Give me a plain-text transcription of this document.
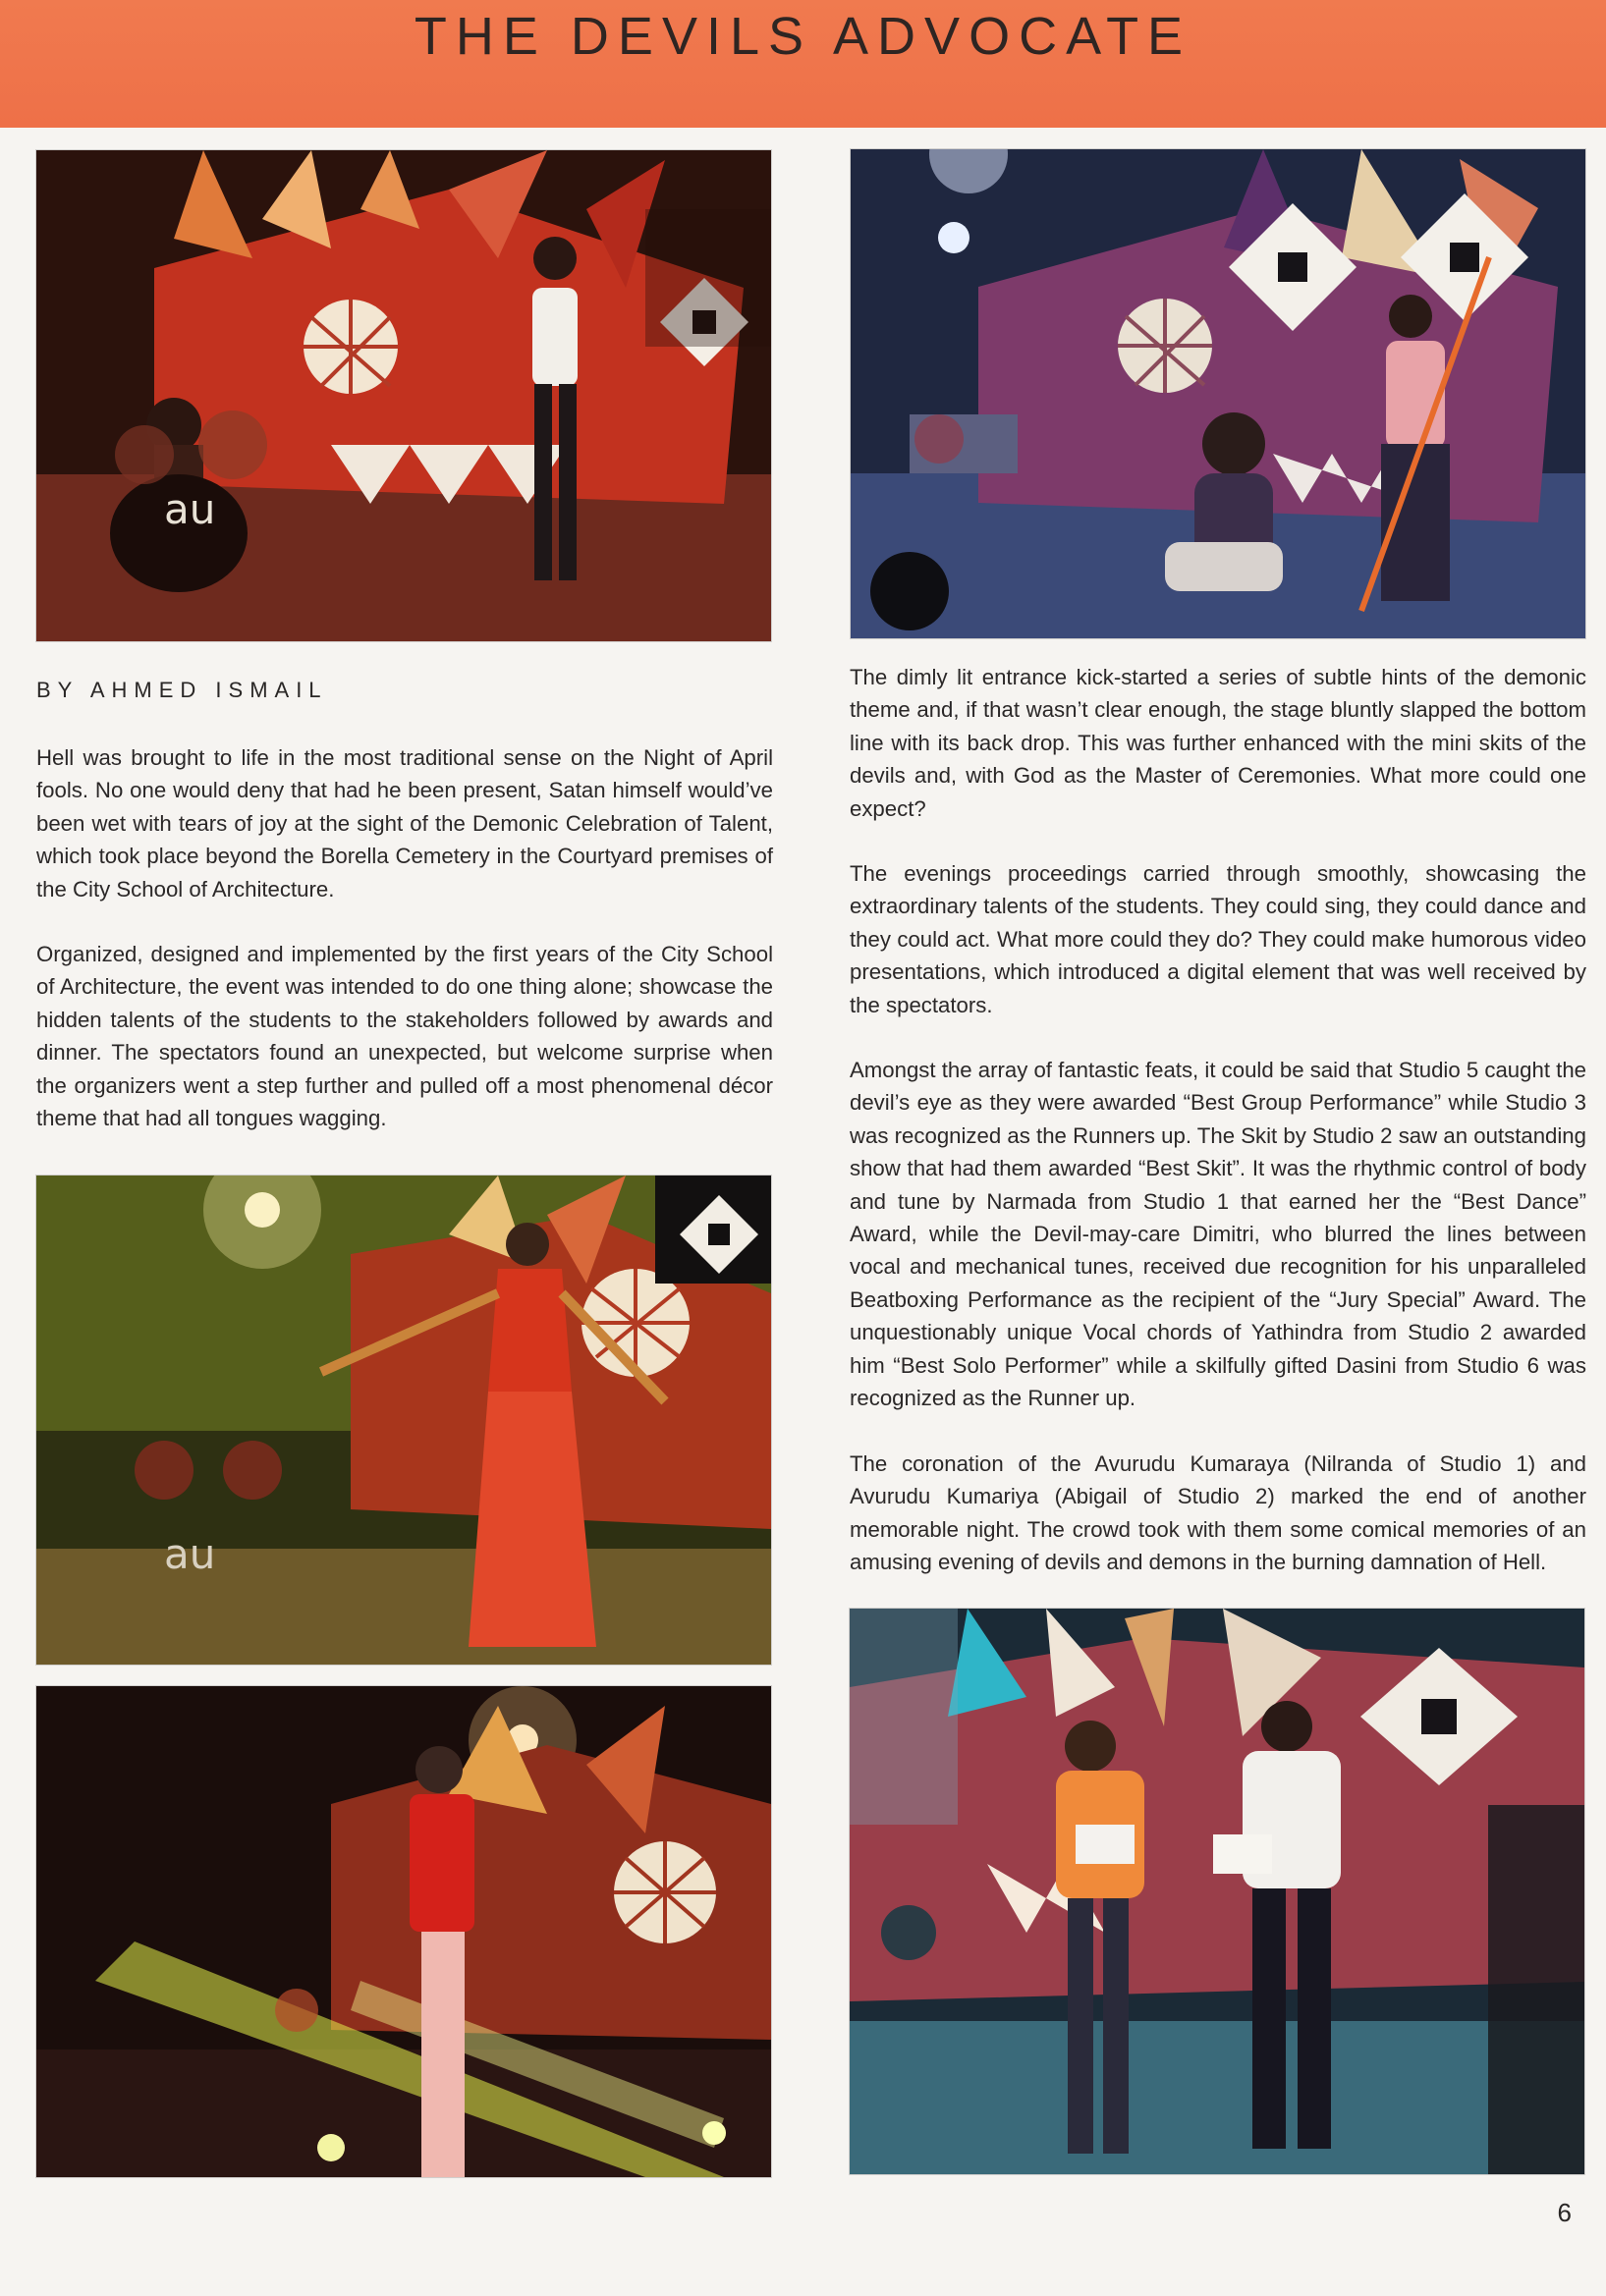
THE DEVILS ADVOCATE
au
BY AHMED ISMAIL

Hell was brought to life in the most traditional sense on the Night of April fools. No one would deny that had he been present, Satan himself would’ve been wet with tears of joy at the sight of the Demonic Celebration of Talent, which took place beyond the Borella Cemetery in the Courtyard premises of the City School of Architecture.

Organized, designed and implemented by the first years of the City School of Architecture, the event was intended to do one thing alone; showcase the hidden talents of the students to the stakeholders followed by awards and dinner. The spectators found an unexpected, but welcome surprise when the organizers went a step further and pulled off a most phenomenal décor theme that had all tongues wagging.

The dimly lit entrance kick-started a series of subtle hints of the demonic theme and, if that wasn’t clear enough, the stage bluntly slapped the bottom line with its back drop. This was further enhanced with the mini skits of the devils and, with God as the Master of Ceremonies. What more could one expect?

The evenings proceedings carried through smoothly, showcasing the extraordinary talents of the students. They could sing, they could dance and they could act. What more could they do? They could make humorous video presentations, which introduced a digital element that was well received by the spectators.

Amongst the array of fantastic feats, it could be said that Studio 5 caught the devil’s eye as they were awarded “Best Group Performance” while Studio 3 was recognized as the Runners up. The Skit by Studio 2 saw an outstanding show that had them awarded “Best Skit”. It was the rhythmic control of body and tune by Narmada from Studio 1 that earned her the “Best Dance” Award, while the Devil-may-care Dimitri, who blurred the lines between vocal and mechanical tunes, received due recognition for his unparalleled Beatboxing Performance as the recipient of the “Jury Special” Award. The unquestionably unique Vocal chords of Yathindra from Studio 2 awarded him “Best Solo Performer” while a skilfully gifted Dasini from Studio 6 was recognized as the Runner up.

The coronation of the Avurudu Kumaraya (Nilranda of Studio 1) and Avurudu Kumariya (Abigail of Studio 2) marked the end of another memorable night. The crowd took with them some comical memories of an amusing evening of devils and demons in the burning damnation of Hell.

au
6
